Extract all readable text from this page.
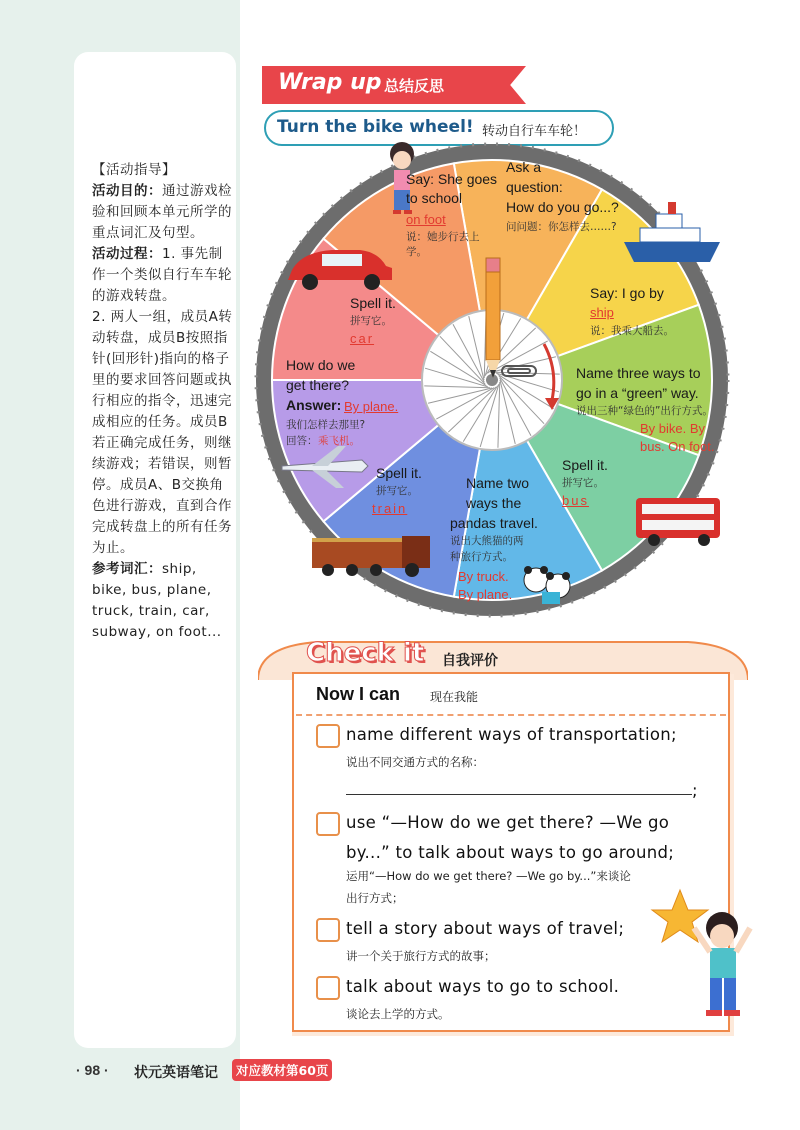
【活动指导】

活动目的：通过游戏检验和回顾本单元所学的重点词汇及句型。

活动过程：1. 事先制作一个类似自行车车轮的游戏转盘。

2. 两人一组，成员A转动转盘，成员B按照指针(回形针)指向的格子里的要求回答问题或执行相应的指令，迅速完成相应的任务。成员B若正确完成任务，则继续游戏；若错误，则暂停。成员A、B交换角色进行游戏，直到合作完成转盘上的所有任务为止。

参考词汇：ship, bike, bus, plane, truck, train, car, subway, on foot...

Wrap up 总结反思
Turn the bike wheel! 转动自行车车轮！
Say: She goes to school
on foot
说：她步行去上学。
Ask a
question:
How do you go...?
问问题：你怎样去……?
Say: I go by
ship
说：我乘大船去。
Name three ways to
go in a “green” way.
说出三种“绿色的”出行方式。
By bike. By
bus. On foot.
Spell it.
拼写它。
bus
Name two
ways the
pandas travel.
说出大熊猫的两
种旅行方式。
By truck.
By plane.
Spell it.
拼写它。
train
How do we
get there?
Answer: By plane.
我们怎样去那里?
回答： 乘飞机。
Spell it.
拼写它。
car
Check it 自我评价
Now I can 现在我能
name different ways of transportation;
说出不同交通方式的名称：
;
use “—How do we get there? —We go
by...” to talk about ways to go around;
运用“—How do we get there? —We go by...”来谈论
出行方式；
tell a story about ways of travel;
讲一个关于旅行方式的故事；
talk about ways to go to school.
谈论去上学的方式。
· 98 · 状元英语笔记 对应教材第60页
